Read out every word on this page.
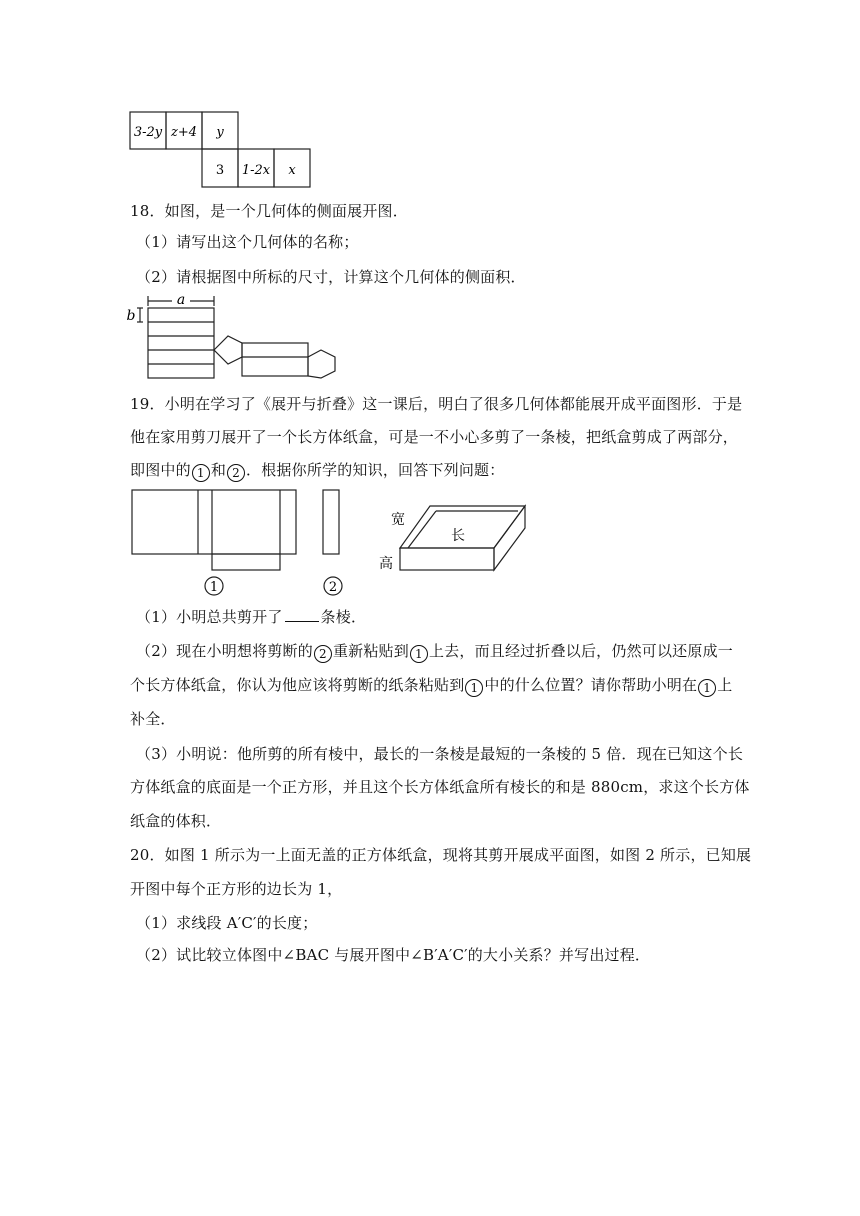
3-2y z+4 y
3 1-2x x
18．如图，是一个几何体的侧面展开图．
（1）请写出这个几何体的名称；
（2）请根据图中所标的尺寸，计算这个几何体的侧面积．
a
b
19．小明在学习了《展开与折叠》这一课后，明白了很多几何体都能展开成平面图形．于是
他在家用剪刀展开了一个长方体纸盒，可是一不小心多剪了一条棱，把纸盒剪成了两部分，
即图中的 1 和 2 ．根据你所学的知识，回答下列问题：
1	2
宽
长
高
（1）小明总共剪开了	条棱．
（2）现在小明想将剪断的 2 重新粘贴到 1 上去，而且经过折叠以后，仍然可以还原成一
个长方体纸盒，你认为他应该将剪断的纸条粘贴到 1 中的什么位置？请你帮助小明在 1 上
补全．
（3）小明说：他所剪的所有棱中，最长的一条棱是最短的一条棱的 5 倍．现在已知这个长
方体纸盒的底面是一个正方形，并且这个长方体纸盒所有棱长的和是 880cm，求这个长方体
纸盒的体积．
20．如图 1 所示为一上面无盖的正方体纸盒，现将其剪开展成平面图，如图 2 所示，已知展
开图中每个正方形的边长为 1，
（1）求线段 A′C′的长度；
（2）试比较立体图中∠BAC 与展开图中∠B′A′C′的大小关系？并写出过程．
